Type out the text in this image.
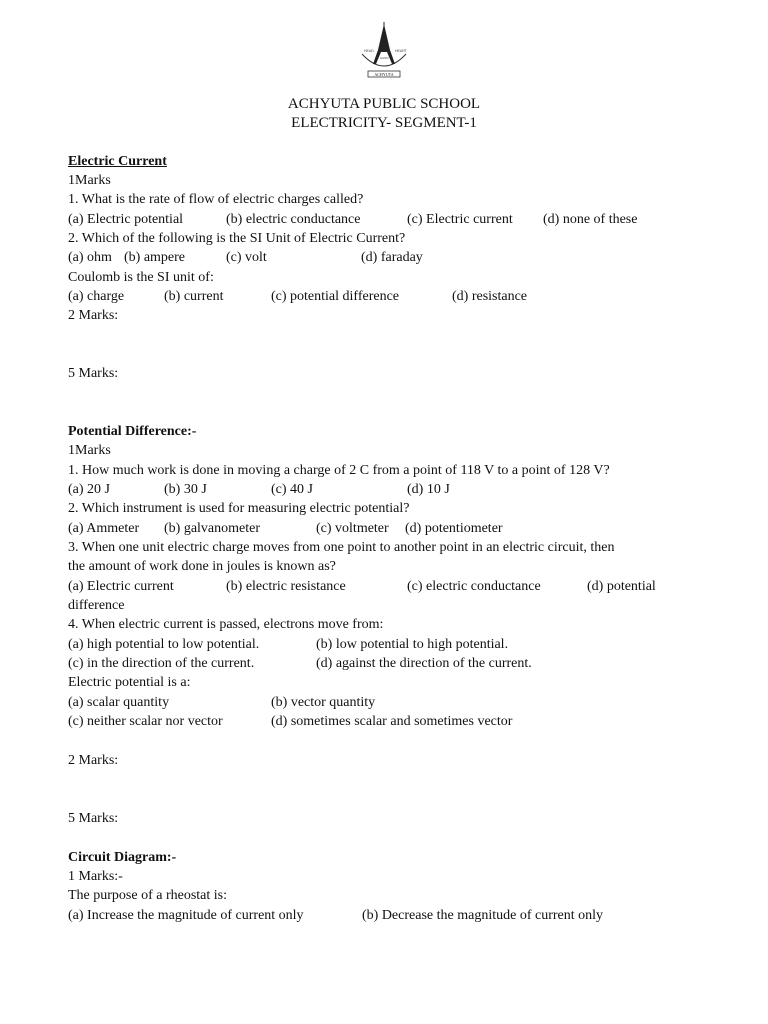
HEAD	HEART
HAND
ACHYUTA
ACHYUTA PUBLIC SCHOOL
ELECTRICITY- SEGMENT-1
Electric Current
1Marks
1. What is the rate of flow of electric charges called?
(a) Electric potential	(b) electric conductance	(c) Electric current (d) none of these
2. Which of the following is the SI Unit of Electric Current?
(a) ohm (b) ampere	(c) volt	(d) faraday
Coulomb is the SI unit of:
(a) charge	(b) current	(c) potential difference	(d) resistance
2 Marks:
5 Marks:
Potential Difference:-
1Marks
1. How much work is done in moving a charge of 2 C from a point of 118 V to a point of 128 V?
(a) 20 J	(b) 30 J	(c) 40 J	(d) 10 J
2. Which instrument is used for measuring electric potential?
(a) Ammeter (b) galvanometer	(c) voltmeter (d) potentiometer
3. When one unit electric charge moves from one point to another point in an electric circuit, then
the amount of work done in joules is known as?
(a) Electric current	(b) electric resistance	(c) electric conductance	(d) potential
difference
4. When electric current is passed, electrons move from:
(a) high potential to low potential.	(b) low potential to high potential.
(c) in the direction of the current.	(d) against the direction of the current.
Electric potential is a:
(a) scalar quantity	(b) vector quantity
(c) neither scalar nor vector	(d) sometimes scalar and sometimes vector
2 Marks:
5 Marks:
Circuit Diagram:-
1 Marks:-
The purpose of a rheostat is:
(a) Increase the magnitude of current only	(b) Decrease the magnitude of current only
